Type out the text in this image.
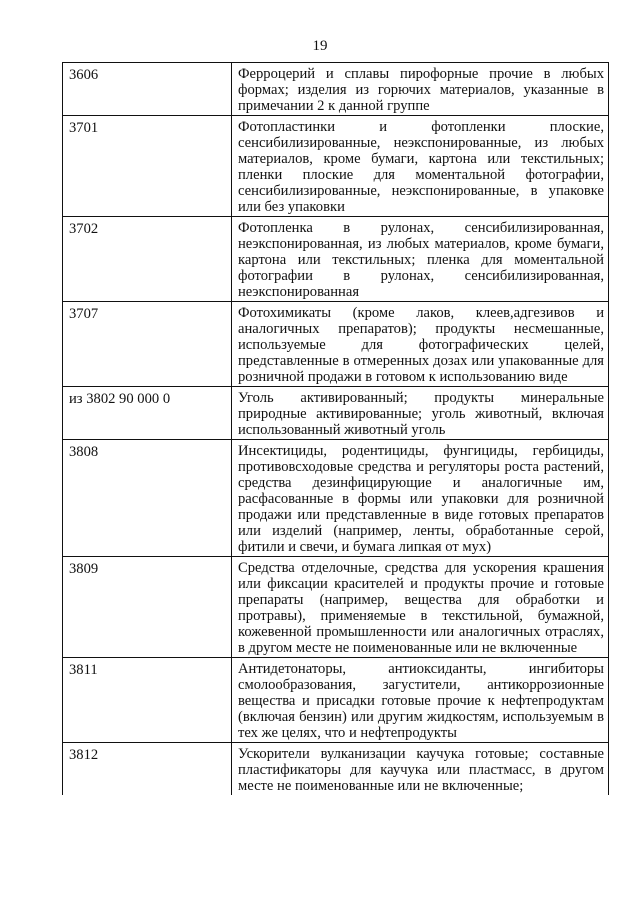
19
3606	Ферроцерий и сплавы пирофорные прочие в любых формах; изделия из горючих материалов, указанные в примечании 2 к данной группе
3701	Фотопластинки и фотопленки плоские, сенсибилизированные, неэкспонированные, из любых материалов, кроме бумаги, картона или текстильных; пленки плоские для моментальной фотографии, сенсибилизированные, неэкспонированные, в упаковке или без упаковки
3702	Фотопленка в рулонах, сенсибилизированная, неэкспонированная, из любых материалов, кроме бумаги, картона или текстильных; пленка для моментальной фотографии в рулонах, сенсибилизированная, неэкспонированная
3707	Фотохимикаты (кроме лаков, клеев,адгезивов и аналогичных препаратов); продукты несмешанные, используемые для фотографических целей, представленные в отмеренных дозах или упакованные для розничной продажи в готовом к использованию виде
из 3802 90 000 0	Уголь активированный; продукты минеральные природные активированные; уголь животный, включая использованный животный уголь
3808	Инсектициды, родентициды, фунгициды, гербициды, противовсходовые средства и регуляторы роста растений, средства дезинфицирующие и аналогичные им, расфасованные в формы или упаковки для розничной продажи или представленные в виде готовых препаратов или изделий (например, ленты, обработанные серой, фитили и свечи, и бумага липкая от мух)
3809	Средства отделочные, средства для ускорения крашения или фиксации красителей и продукты прочие и готовые препараты (например, вещества для обработки и протравы), применяемые в текстильной, бумажной, кожевенной промышленности или аналогичных отраслях, в другом месте не поименованные или не включенные
3811	Антидетонаторы, антиоксиданты, ингибиторы смолообразования, загустители, антикоррозионные вещества и присадки готовые прочие к нефтепродуктам (включая бензин) или другим жидкостям, используемым в тех же целях, что и нефтепродукты
3812	Ускорители вулканизации каучука готовые; составные пластификаторы для каучука или пластмасс, в другом месте не поименованные или не включенные;
